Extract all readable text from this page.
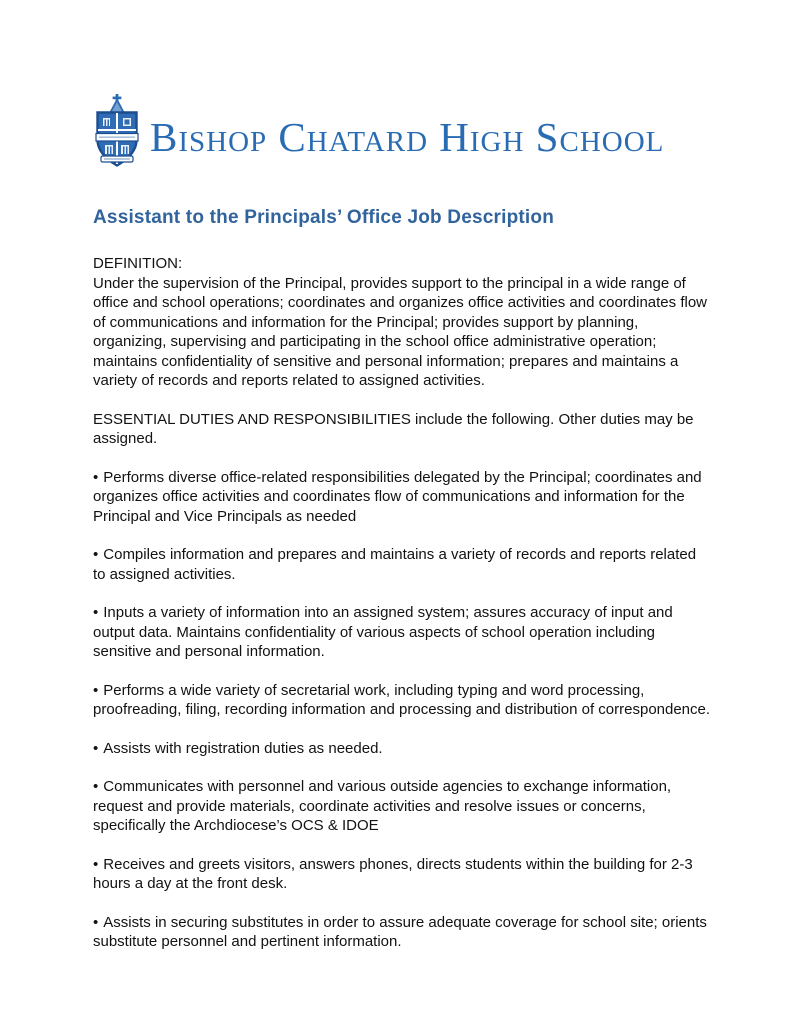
Bishop Chatard High School
Assistant to the Principals’ Office Job Description

DEFINITION:
Under the supervision of the Principal, provides support to the principal in a wide range of office and school operations; coordinates and organizes office activities and coordinates flow of communications and information for the Principal; provides support by planning, organizing, supervising and participating in the school office administrative operation; maintains confidentiality of sensitive and personal information; prepares and maintains a variety of records and reports related to assigned activities.

ESSENTIAL DUTIES AND RESPONSIBILITIES include the following. Other duties may be assigned.

• Performs diverse office-related responsibilities delegated by the Principal; coordinates and organizes office activities and coordinates flow of communications and information for the Principal and Vice Principals as needed

• Compiles information and prepares and maintains a variety of records and reports related to assigned activities.

• Inputs a variety of information into an assigned system; assures accuracy of input and output data. Maintains confidentiality of various aspects of school operation including sensitive and personal information.

• Performs a wide variety of secretarial work, including typing and word processing, proofreading, filing, recording information and processing and distribution of correspondence.

• Assists with registration duties as needed.

• Communicates with personnel and various outside agencies to exchange information, request and provide materials, coordinate activities and resolve issues or concerns, specifically the Archdiocese’s OCS & IDOE

• Receives and greets visitors, answers phones, directs students within the building for 2-3 hours a day at the front desk.

• Assists in securing substitutes in order to assure adequate coverage for school site; orients substitute personnel and pertinent information.
